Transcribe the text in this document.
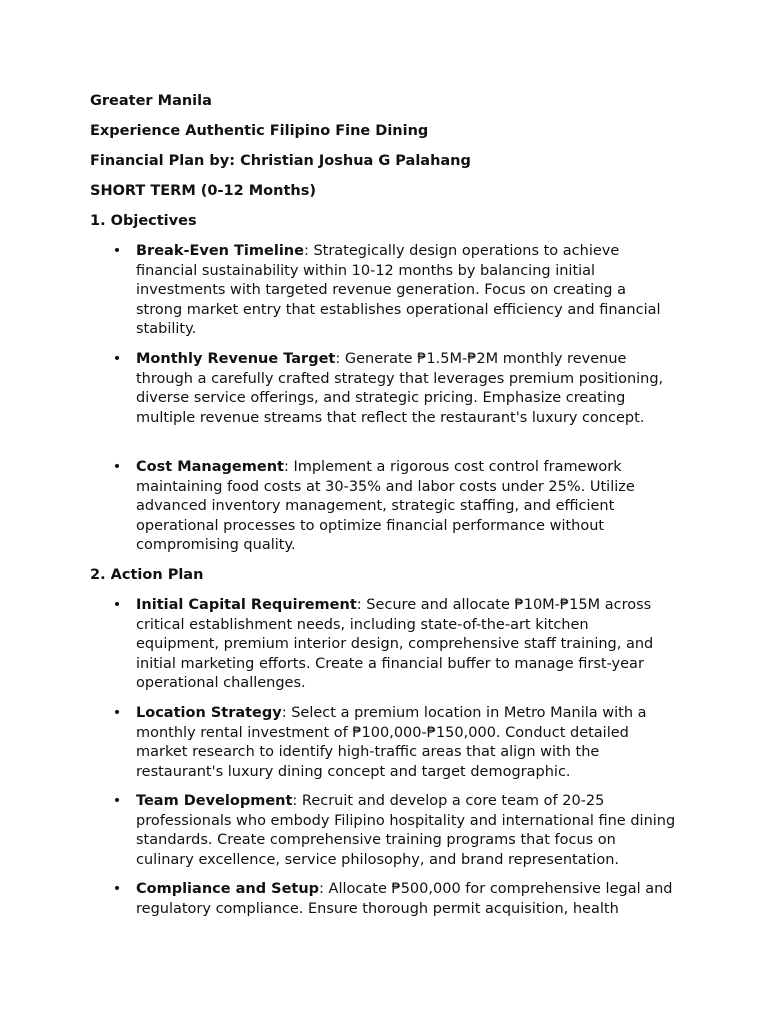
Greater Manila

Experience Authentic Filipino Fine Dining

Financial Plan by: Christian Joshua G Palahang

SHORT TERM (0-12 Months)

1. Objectives

• Break-Even Timeline: Strategically design operations to achieve financial sustainability within 10-12 months by balancing initial investments with targeted revenue generation. Focus on creating a strong market entry that establishes operational efficiency and financial stability.
• Monthly Revenue Target: Generate ₱1.5M-₱2M monthly revenue through a carefully crafted strategy that leverages premium positioning, diverse service offerings, and strategic pricing. Emphasize creating multiple revenue streams that reflect the restaurant's luxury concept.
• Cost Management: Implement a rigorous cost control framework maintaining food costs at 30-35% and labor costs under 25%. Utilize advanced inventory management, strategic staffing, and efficient operational processes to optimize financial performance without compromising quality.

2. Action Plan

• Initial Capital Requirement: Secure and allocate ₱10M-₱15M across critical establishment needs, including state-of-the-art kitchen equipment, premium interior design, comprehensive staff training, and initial marketing efforts. Create a financial buffer to manage first-year operational challenges.
• Location Strategy: Select a premium location in Metro Manila with a monthly rental investment of ₱100,000-₱150,000. Conduct detailed market research to identify high-traffic areas that align with the restaurant's luxury dining concept and target demographic.
• Team Development: Recruit and develop a core team of 20-25 professionals who embody Filipino hospitality and international fine dining standards. Create comprehensive training programs that focus on culinary excellence, service philosophy, and brand representation.
• Compliance and Setup: Allocate ₱500,000 for comprehensive legal and regulatory compliance. Ensure thorough permit acquisition, health
